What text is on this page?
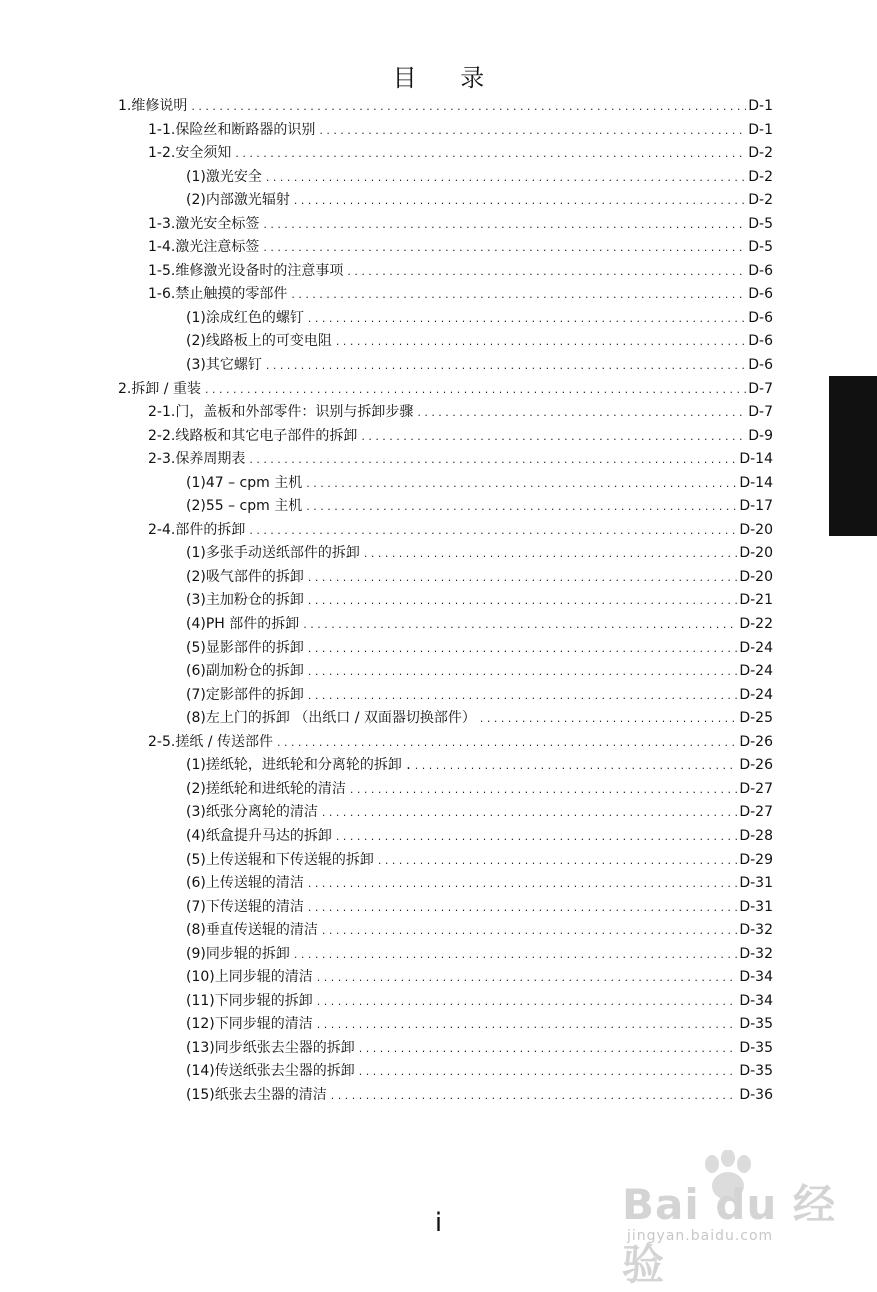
目 录
1. 维修说明 . . .	D-1
1-1. 保险丝和断路器的识别 . . .	D-1
1-2. 安全须知 . . .	D-2
(1) 激光安全 . . .	D-2
(2) 内部激光辐射 . . .	D-2
1-3. 激光安全标签 . . .	D-5
1-4. 激光注意标签 . . .	D-5
1-5. 维修激光设备时的注意事项 . . .	D-6
1-6. 禁止触摸的零部件 . . .	D-6
(1) 涂成红色的螺钉 . . .	D-6
(2) 线路板上的可变电阻 . . .	D-6
(3) 其它螺钉 . . .	D-6
2. 拆卸 / 重装 . . .	D-7
2-1. 门，盖板和外部零件：识别与拆卸步骤 . . .	D-7
2-2. 线路板和其它电子部件的拆卸 . . .	D-9
2-3. 保养周期表 . . .	D-14
(1) 47 – cpm 主机 . . .	D-14
(2) 55 – cpm 主机 . . .	D-17
2-4. 部件的拆卸 . . .	D-20
(1) 多张手动送纸部件的拆卸 . . .	D-20
(2) 吸气部件的拆卸 . . .	D-20
(3) 主加粉仓的拆卸 . . .	D-21
(4) PH 部件的拆卸 . . .	D-22
(5) 显影部件的拆卸 . . .	D-24
(6) 副加粉仓的拆卸 . . .	D-24
(7) 定影部件的拆卸 . . .	D-24
(8) 左上门的拆卸 （出纸口 / 双面器切换部件） . . .	D-25
2-5. 搓纸 / 传送部件 . . .	D-26
(1) 搓纸轮，进纸轮和分离轮的拆卸 . . . .	D-26
(2) 搓纸轮和进纸轮的清洁 . . .	D-27
(3) 纸张分离轮的清洁 . . .	D-27
(4) 纸盒提升马达的拆卸 . . .	D-28
(5) 上传送辊和下传送辊的拆卸 . . .	D-29
(6) 上传送辊的清洁 . . .	D-31
(7) 下传送辊的清洁 . . .	D-31
(8) 垂直传送辊的清洁 . . .	D-32
(9) 同步辊的拆卸 . . .	D-32
(10) 上同步辊的清洁 . . .	D-34
(11) 下同步辊的拆卸 . . .	D-34
(12) 下同步辊的清洁 . . .	D-35
(13) 同步纸张去尘器的拆卸 . . .	D-35
(14) 传送纸张去尘器的拆卸 . . .	D-35
(15) 纸张去尘器的清洁 . . .	D-36
Bai du 经验
jingyan.baidu.com
i
